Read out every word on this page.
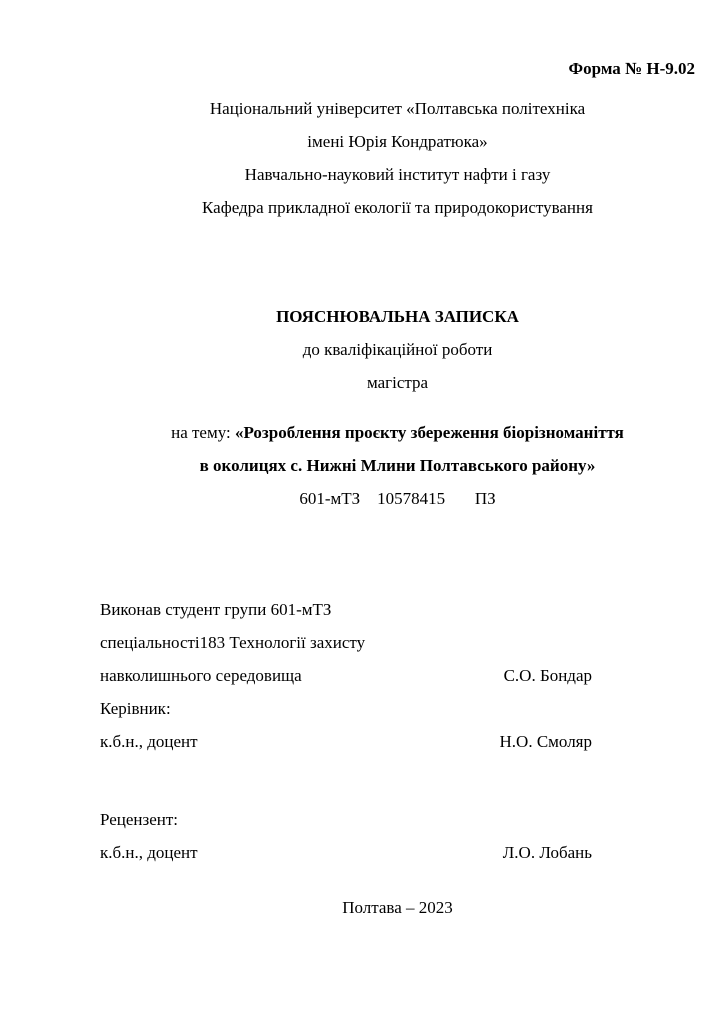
Форма № Н-9.02
Національний університет «Полтавська політехніка
імені Юрія Кондратюка»
Навчально-науковий інститут нафти і газу
Кафедра прикладної екології та природокористування
ПОЯСНЮВАЛЬНА ЗАПИСКА
до кваліфікаційної роботи
магістра
на тему: «Розроблення проєкту збереження біорізноманіття
в околицях с. Нижні Млини Полтавського району»
601-мТЗ    10578415       ПЗ
Виконав студент групи 601-мТЗ
спеціальності183 Технології захисту
навколишнього середовища	С.О. Бондар
Керівник:
к.б.н., доцент	Н.О. Смоляр
Рецензент:
к.б.н., доцент	Л.О. Лобань
Полтава – 2023
